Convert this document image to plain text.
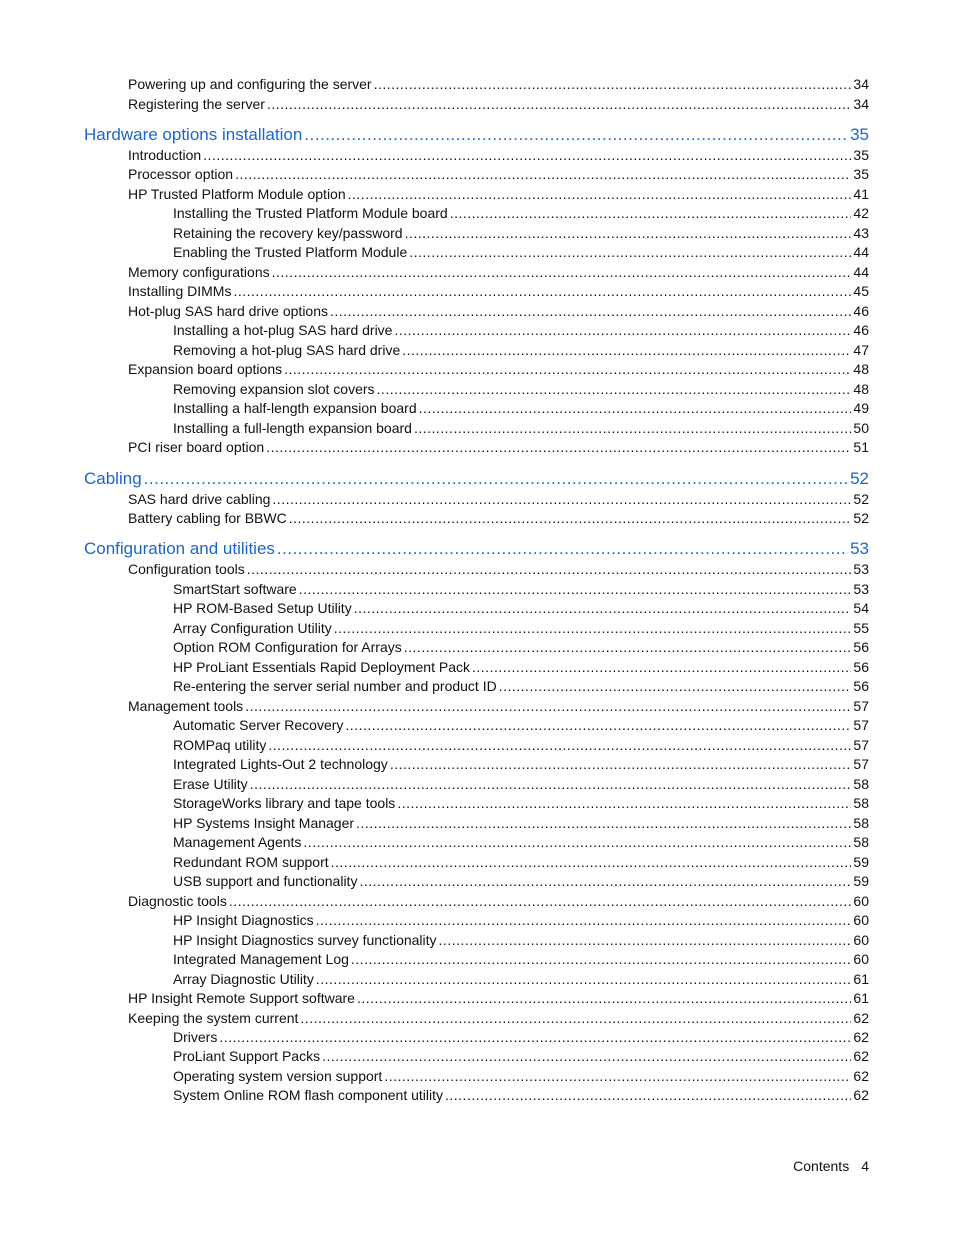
Powering up and configuring the server .....	34
Registering the server .....	34
Hardware options installation .....	35
Introduction .....	35
Processor option .....	35
HP Trusted Platform Module option .....	41
Installing the Trusted Platform Module board .....	42
Retaining the recovery key/password .....	43
Enabling the Trusted Platform Module .....	44
Memory configurations .....	44
Installing DIMMs .....	45
Hot-plug SAS hard drive options .....	46
Installing a hot-plug SAS hard drive .....	46
Removing a hot-plug SAS hard drive .....	47
Expansion board options .....	48
Removing expansion slot covers .....	48
Installing a half-length expansion board .....	49
Installing a full-length expansion board .....	50
PCI riser board option .....	51
Cabling .....	52
SAS hard drive cabling .....	52
Battery cabling for BBWC .....	52
Configuration and utilities .....	53
Configuration tools .....	53
SmartStart software .....	53
HP ROM-Based Setup Utility .....	54
Array Configuration Utility .....	55
Option ROM Configuration for Arrays .....	56
HP ProLiant Essentials Rapid Deployment Pack .....	56
Re-entering the server serial number and product ID .....	56
Management tools .....	57
Automatic Server Recovery .....	57
ROMPaq utility .....	57
Integrated Lights-Out 2 technology .....	57
Erase Utility .....	58
StorageWorks library and tape tools .....	58
HP Systems Insight Manager .....	58
Management Agents .....	58
Redundant ROM support .....	59
USB support and functionality .....	59
Diagnostic tools .....	60
HP Insight Diagnostics .....	60
HP Insight Diagnostics survey functionality .....	60
Integrated Management Log .....	60
Array Diagnostic Utility .....	61
HP Insight Remote Support software .....	61
Keeping the system current .....	62
Drivers .....	62
ProLiant Support Packs .....	62
Operating system version support .....	62
System Online ROM flash component utility .....	62
Contents 4
